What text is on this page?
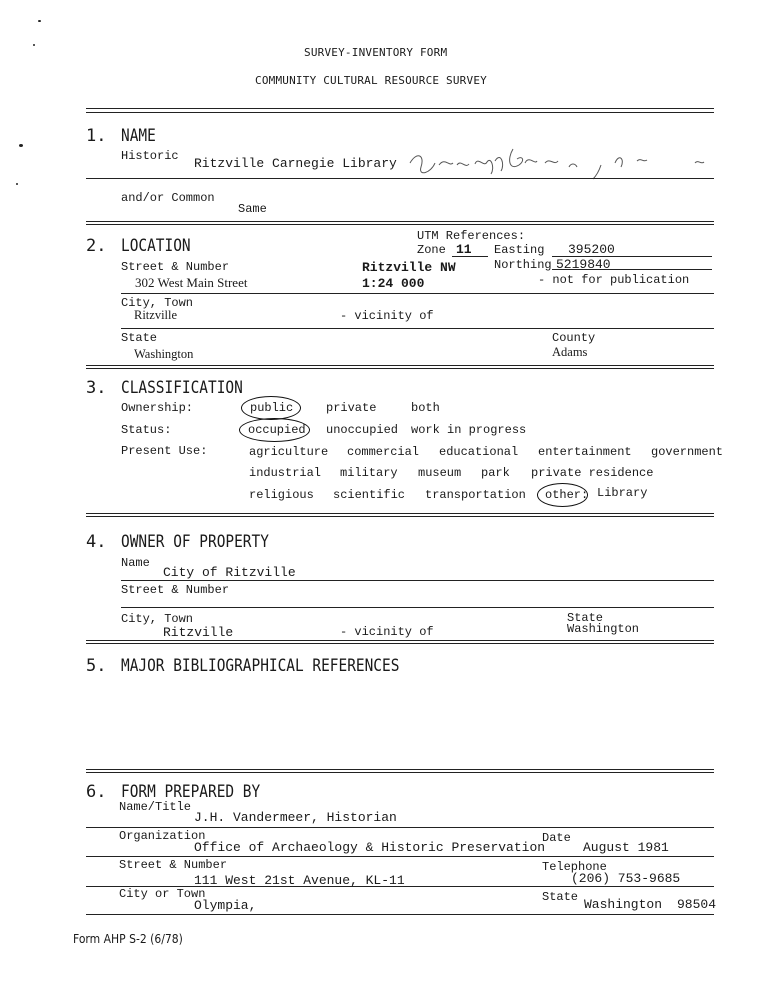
SURVEY-INVENTORY FORM
COMMUNITY CULTURAL RESOURCE SURVEY
1. NAME
Historic Ritzville Carnegie Library
and/or Common
Same
2. LOCATION	UTM References:
Zone 11 Easting 395200
Street & Number	Ritzville NW	Northing 5219840
302 West Main Street	1:24 000	- not for publication
City, Town
Ritzville	- vicinity of
State	County
Washington	Adams
3. CLASSIFICATION
Ownership:	public	private	both
Status:	occupied unoccupied work in progress
Present Use:	agriculture commercial educational entertainment government
industrial military museum park private residence
religious scientific transportation other: Library
4. OWNER OF PROPERTY
Name
City of Ritzville
Street & Number
City, Town
Ritzville	- vicinity of
State
Washington
5. MAJOR BIBLIOGRAPHICAL REFERENCES
6. FORM PREPARED BY
Name/Title
J.H. Vandermeer, Historian
Organization
Office of Archaeology & Historic Preservation
Date
August 1981
Street & Number
111 West 21st Avenue, KL-11
Telephone
(206) 753-9685
City or Town
Olympia,
State Washington 98504
Form AHP S-2 (6/78)
